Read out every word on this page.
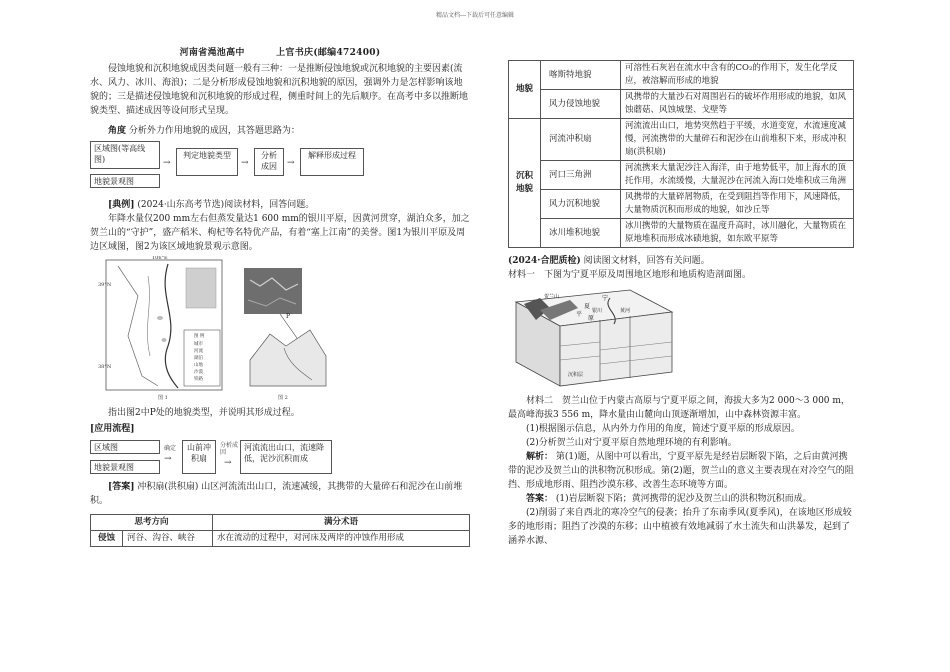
精品文档---下载后可任意编辑
河南省渑池高中	上官书庆(邮编472400)

侵蚀地貌和沉积地貌成因类问题一般有三种：一是推断侵蚀地貌或沉积地貌的主要因素(流水、风力、冰川、海浪)；二是分析形成侵蚀地貌和沉积地貌的原因，强调外力是怎样影响该地貌的；三是描述侵蚀地貌和沉积地貌的形成过程，侧重时间上的先后顺序。在高考中多以推断地貌类型、描述成因等设问形式呈现。

角度 分析外力作用地貌的成因，其答题思路为：

区域图(等高线图)
地貌景观图
→
判定地貌类型
→
分析成因	→
解释形成过程

[典例] (2024·山东高考节选)阅读材料，回答问题。

年降水量仅200 mm左右但蒸发量达1 600 mm的银川平原，因黄河贯穿，湖泊众多，加之贺兰山的“守护”，盛产稻米、枸杞等名特优产品，有着“塞上江南”的美誉。图1为银川平原及周边区域图，图2为该区域地貌景观示意图。

106°E
39°N
38°N
图 例
城市
河流
湖泊
山地
沙漠
铁路
图 1
P
图 2

指出图2中P处的地貌类型，并说明其形成过程。

[应用流程]

区域图
地貌景观图
确定
→
山前冲积扇
分析成因
→
河流流出山口，流速降低，泥沙沉积而成

[答案] 冲积扇(洪积扇) 山区河流流出山口，流速减缓，其携带的大量碎石和泥沙在山前堆积。

思考方向		满分术语
侵蚀	河谷、沟谷、峡谷	水在流动的过程中，对河床及两岸的冲蚀作用形成
地貌	喀斯特地貌	可溶性石灰岩在流水中含有的CO₂的作用下，发生化学反应，被溶解而形成的地貌
	风力侵蚀地貌	风携带的大量沙石对周围岩石的破坏作用形成的地貌，如风蚀蘑菇、风蚀城堡、戈壁等
沉积地貌	河流冲积扇	河流流出山口，地势突然趋于平缓，水道变宽，水流速度减慢，河流携带的大量碎石和泥沙在山前堆积下来，形成冲积扇(洪积扇)
	河口三角洲	河流携来大量泥沙注入海洋，由于地势低平，加上海水的顶托作用，水流缓慢，大量泥沙在河流入海口处堆积成三角洲
	风力沉积地貌	风携带的大量碎屑物质，在受到阻挡等作用下，风速降低，大量物质沉积而形成的地貌，如沙丘等
	冰川堆积地貌	冰川携带的大量物质在温度升高时，冰川融化，大量物质在原地堆积而形成冰碛地貌，如东欧平原等

(2024·合肥质检) 阅读图文材料，回答有关问题。

材料一　下图为宁夏平原及周围地区地形和地质构造剖面图。

贺兰山	宁
夏
平
原
银川	黄河
沉积层

材料二　贺兰山位于内蒙古高原与宁夏平原之间，海拔大多为2 000～3 000 m，最高峰海拔3 556 m，降水量由山麓向山顶逐渐增加，山中森林资源丰富。

(1)根据图示信息，从内外力作用的角度，简述宁夏平原的形成原因。

(2)分析贺兰山对宁夏平原自然地理环境的有利影响。

解析： 第(1)题，从图中可以看出，宁夏平原先是经岩层断裂下陷，之后由黄河携带的泥沙及贺兰山的洪积物沉积形成。第(2)题，贺兰山的意义主要表现在对冷空气的阻挡、形成地形雨、阻挡沙漠东移、改善生态环境等方面。

答案： (1)岩层断裂下陷；黄河携带的泥沙及贺兰山的洪积物沉积而成。

(2)削弱了来自西北的寒冷空气的侵袭；抬升了东南季风(夏季风)，在该地区形成较多的地形雨；阻挡了沙漠的东移；山中植被有效地减弱了水土流失和山洪暴发，起到了涵养水源、
